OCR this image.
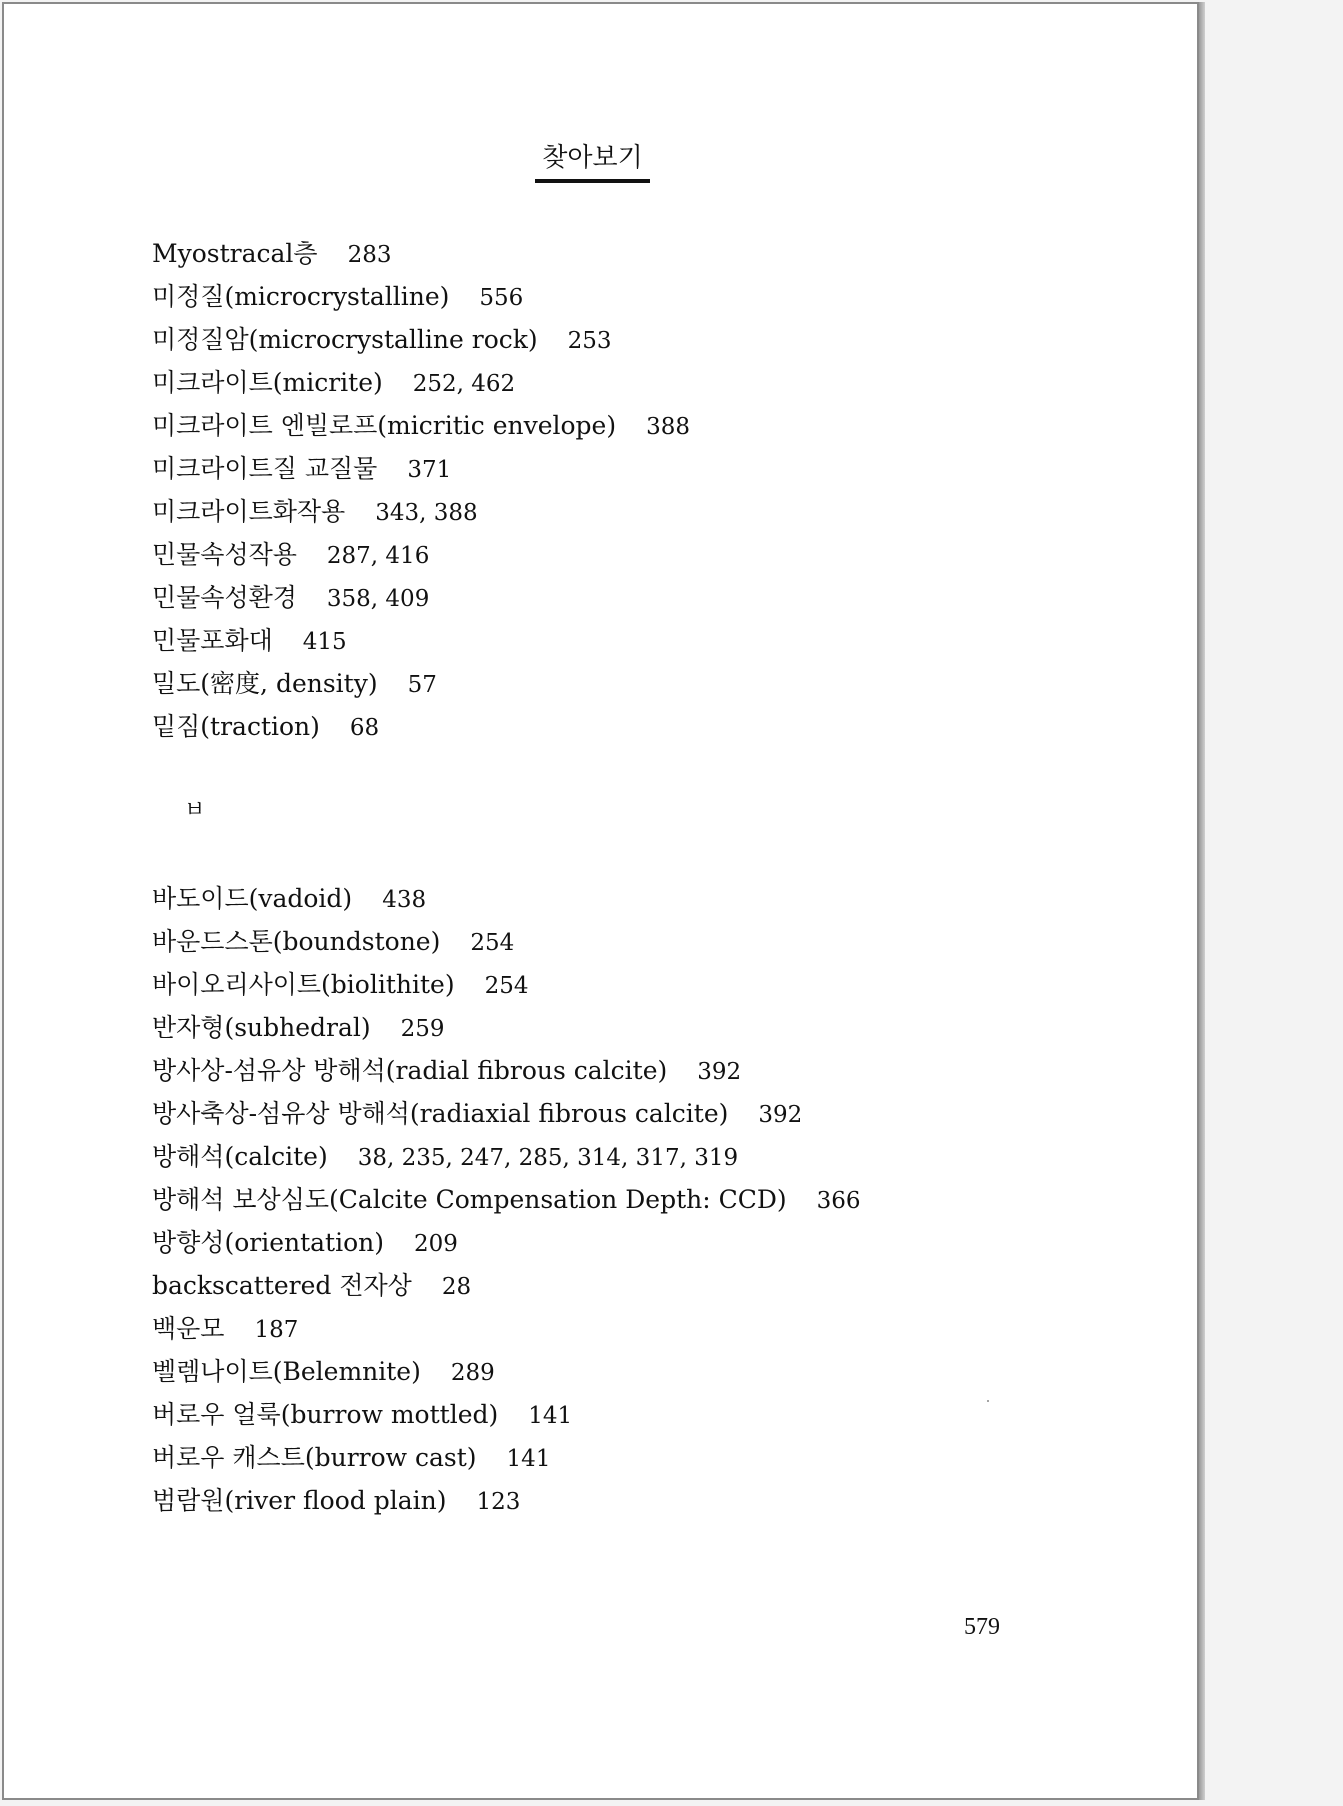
찾아보기
Myostracal층 283
미정질(microcrystalline) 556
미정질암(microcrystalline rock) 253
미크라이트(micrite) 252, 462
미크라이트 엔빌로프(micritic envelope) 388
미크라이트질 교질물 371
미크라이트화작용 343, 388
민물속성작용 287, 416
민물속성환경 358, 409
민물포화대 415
밀도(密度, density) 57
밑짐(traction) 68
바도이드(vadoid) 438
바운드스톤(boundstone) 254
바이오리사이트(biolithite) 254
반자형(subhedral) 259
방사상-섬유상 방해석(radial fibrous calcite) 392
방사축상-섬유상 방해석(radiaxial fibrous calcite) 392
방해석(calcite) 38, 235, 247, 285, 314, 317, 319
방해석 보상심도(Calcite Compensation Depth: CCD) 366
방향성(orientation) 209
backscattered 전자상 28
백운모 187
벨렘나이트(Belemnite) 289
버로우 얼룩(burrow mottled) 141
버로우 캐스트(burrow cast) 141
범람원(river flood plain) 123
ㅂ
579
